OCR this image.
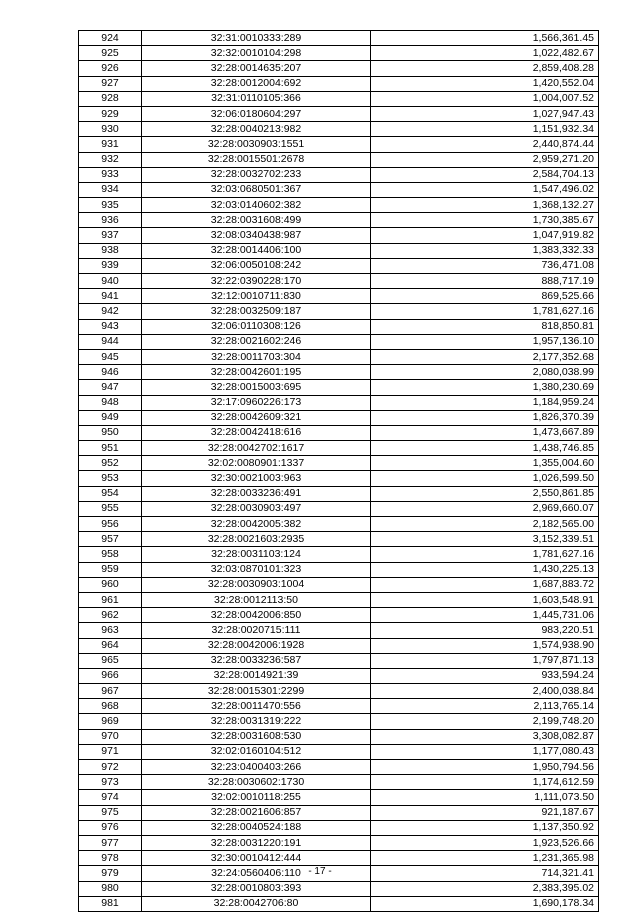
924	32:31:0010333:289	1,566,361.45
925	32:32:0010104:298	1,022,482.67
926	32:28:0014635:207	2,859,408.28
927	32:28:0012004:692	1,420,552.04
928	32:31:0110105:366	1,004,007.52
929	32:06:0180604:297	1,027,947.43
930	32:28:0040213:982	1,151,932.34
931	32:28:0030903:1551	2,440,874.44
932	32:28:0015501:2678	2,959,271.20
933	32:28:0032702:233	2,584,704.13
934	32:03:0680501:367	1,547,496.02
935	32:03:0140602:382	1,368,132.27
936	32:28:0031608:499	1,730,385.67
937	32:08:0340438:987	1,047,919.82
938	32:28:0014406:100	1,383,332.33
939	32:06:0050108:242	736,471.08
940	32:22:0390228:170	888,717.19
941	32:12:0010711:830	869,525.66
942	32:28:0032509:187	1,781,627.16
943	32:06:0110308:126	818,850.81
944	32:28:0021602:246	1,957,136.10
945	32:28:0011703:304	2,177,352.68
946	32:28:0042601:195	2,080,038.99
947	32:28:0015003:695	1,380,230.69
948	32:17:0960226:173	1,184,959.24
949	32:28:0042609:321	1,826,370.39
950	32:28:0042418:616	1,473,667.89
951	32:28:0042702:1617	1,438,746.85
952	32:02:0080901:1337	1,355,004.60
953	32:30:0021003:963	1,026,599.50
954	32:28:0033236:491	2,550,861.85
955	32:28:0030903:497	2,969,660.07
956	32:28:0042005:382	2,182,565.00
957	32:28:0021603:2935	3,152,339.51
958	32:28:0031103:124	1,781,627.16
959	32:03:0870101:323	1,430,225.13
960	32:28:0030903:1004	1,687,883.72
961	32:28:0012113:50	1,603,548.91
962	32:28:0042006:850	1,445,731.06
963	32:28:0020715:111	983,220.51
964	32:28:0042006:1928	1,574,938.90
965	32:28:0033236:587	1,797,871.13
966	32:28:0014921:39	933,594.24
967	32:28:0015301:2299	2,400,038.84
968	32:28:0011470:556	2,113,765.14
969	32:28:0031319:222	2,199,748.20
970	32:28:0031608:530	3,308,082.87
971	32:02:0160104:512	1,177,080.43
972	32:23:0400403:266	1,950,794.56
973	32:28:0030602:1730	1,174,612.59
974	32:02:0010118:255	1,111,073.50
975	32:28:0021606:857	921,187.67
976	32:28:0040524:188	1,137,350.92
977	32:28:0031220:191	1,923,526.66
978	32:30:0010412:444	1,231,365.98
979	32:24:0560406:110	714,321.41
980	32:28:0010803:393	2,383,395.02
981	32:28:0042706:80	1,690,178.34
- 17 -
